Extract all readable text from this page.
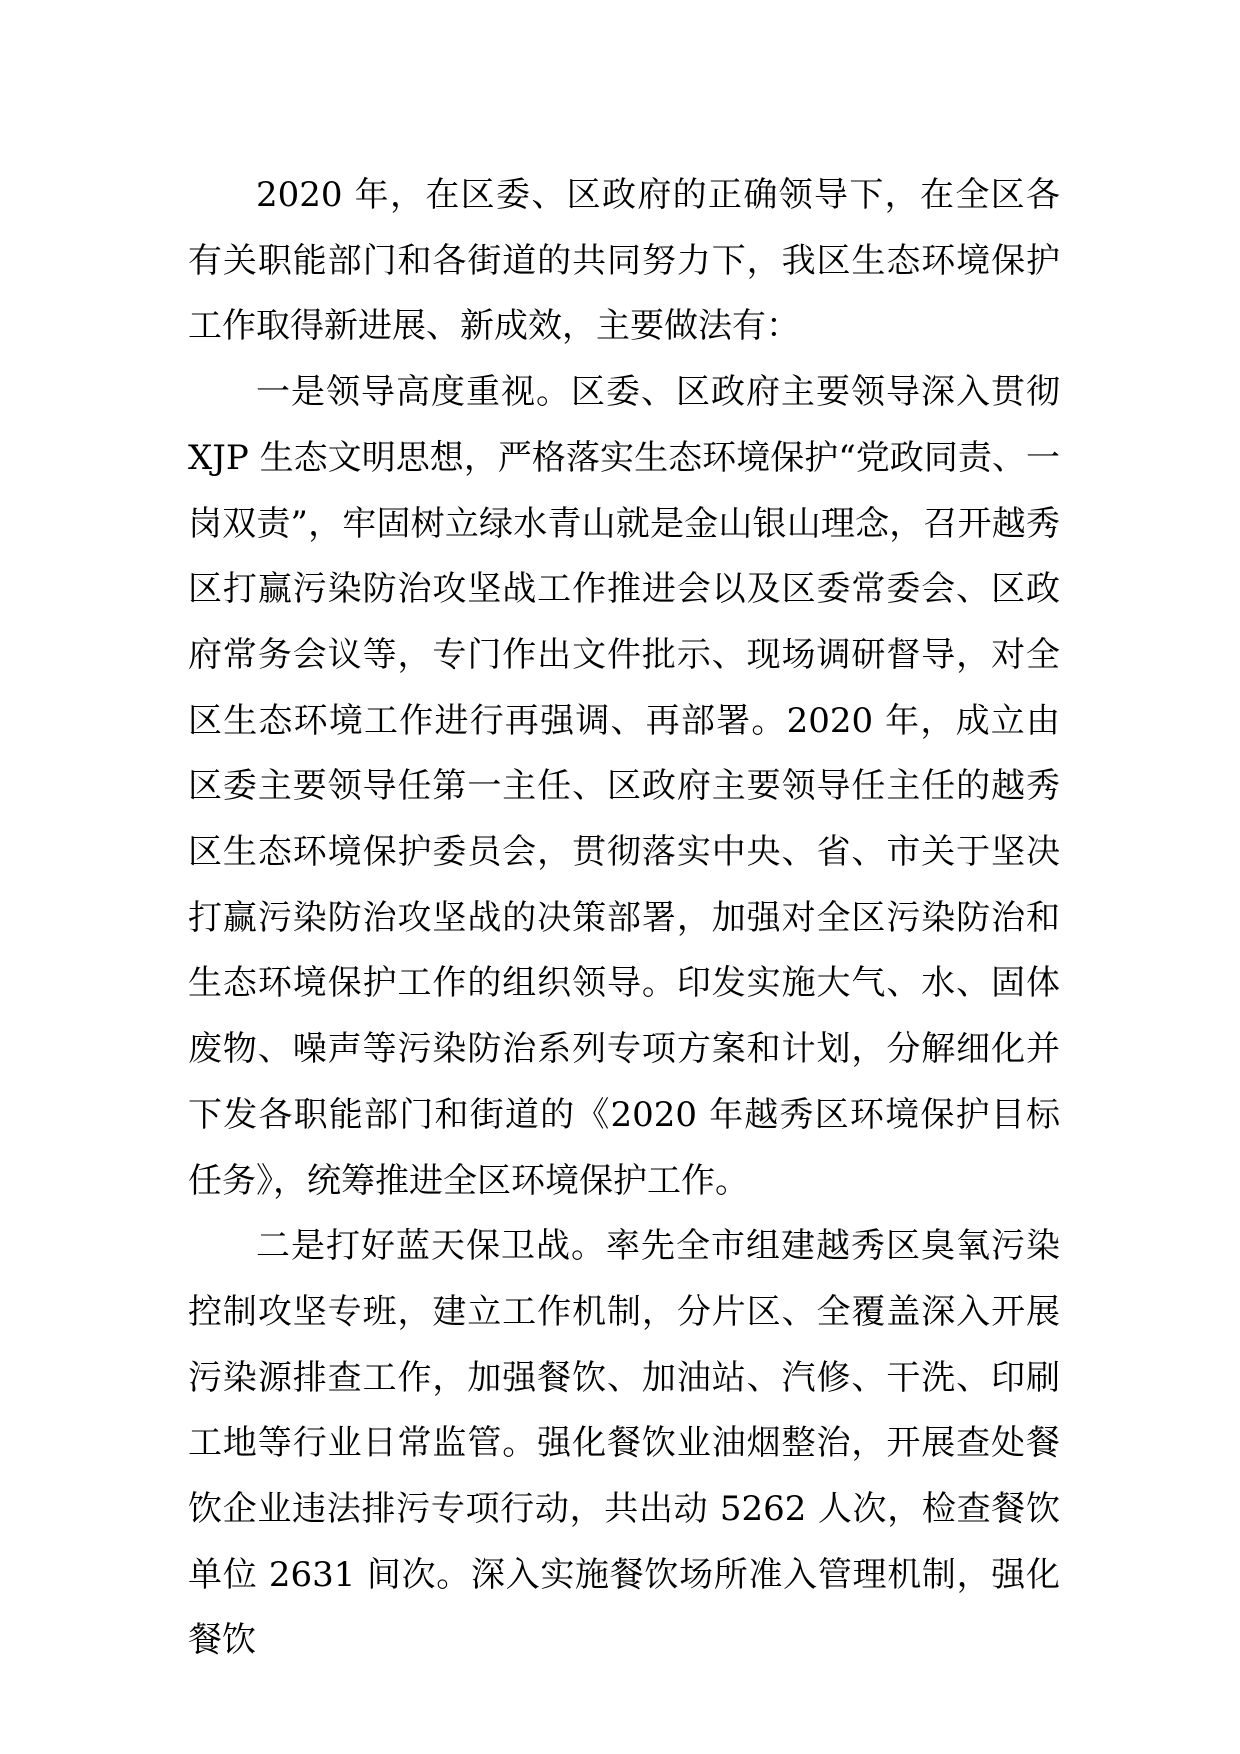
2020 年，在区委、区政府的正确领导下，在全区各有关职能部门和各街道的共同努力下，我区生态环境保护工作取得新进展、新成效，主要做法有：

一是领导高度重视。区委、区政府主要领导深入贯彻XJP 生态文明思想，严格落实生态环境保护“党政同责、一岗双责”，牢固树立绿水青山就是金山银山理念，召开越秀区打赢污染防治攻坚战工作推进会以及区委常委会、区政府常务会议等，专门作出文件批示、现场调研督导，对全区生态环境工作进行再强调、再部署。2020 年，成立由区委主要领导任第一主任、区政府主要领导任主任的越秀区生态环境保护委员会，贯彻落实中央、省、市关于坚决打赢污染防治攻坚战的决策部署，加强对全区污染防治和生态环境保护工作的组织领导。印发实施大气、水、固体废物、噪声等污染防治系列专项方案和计划，分解细化并下发各职能部门和街道的《2020 年越秀区环境保护目标任务》，统筹推进全区环境保护工作。

二是打好蓝天保卫战。率先全市组建越秀区臭氧污染控制攻坚专班，建立工作机制，分片区、全覆盖深入开展污染源排查工作，加强餐饮、加油站、汽修、干洗、印刷工地等行业日常监管。强化餐饮业油烟整治，开展查处餐饮企业违法排污专项行动，共出动 5262 人次，检查餐饮单位 2631 间次。深入实施餐饮场所准入管理机制，强化餐饮
